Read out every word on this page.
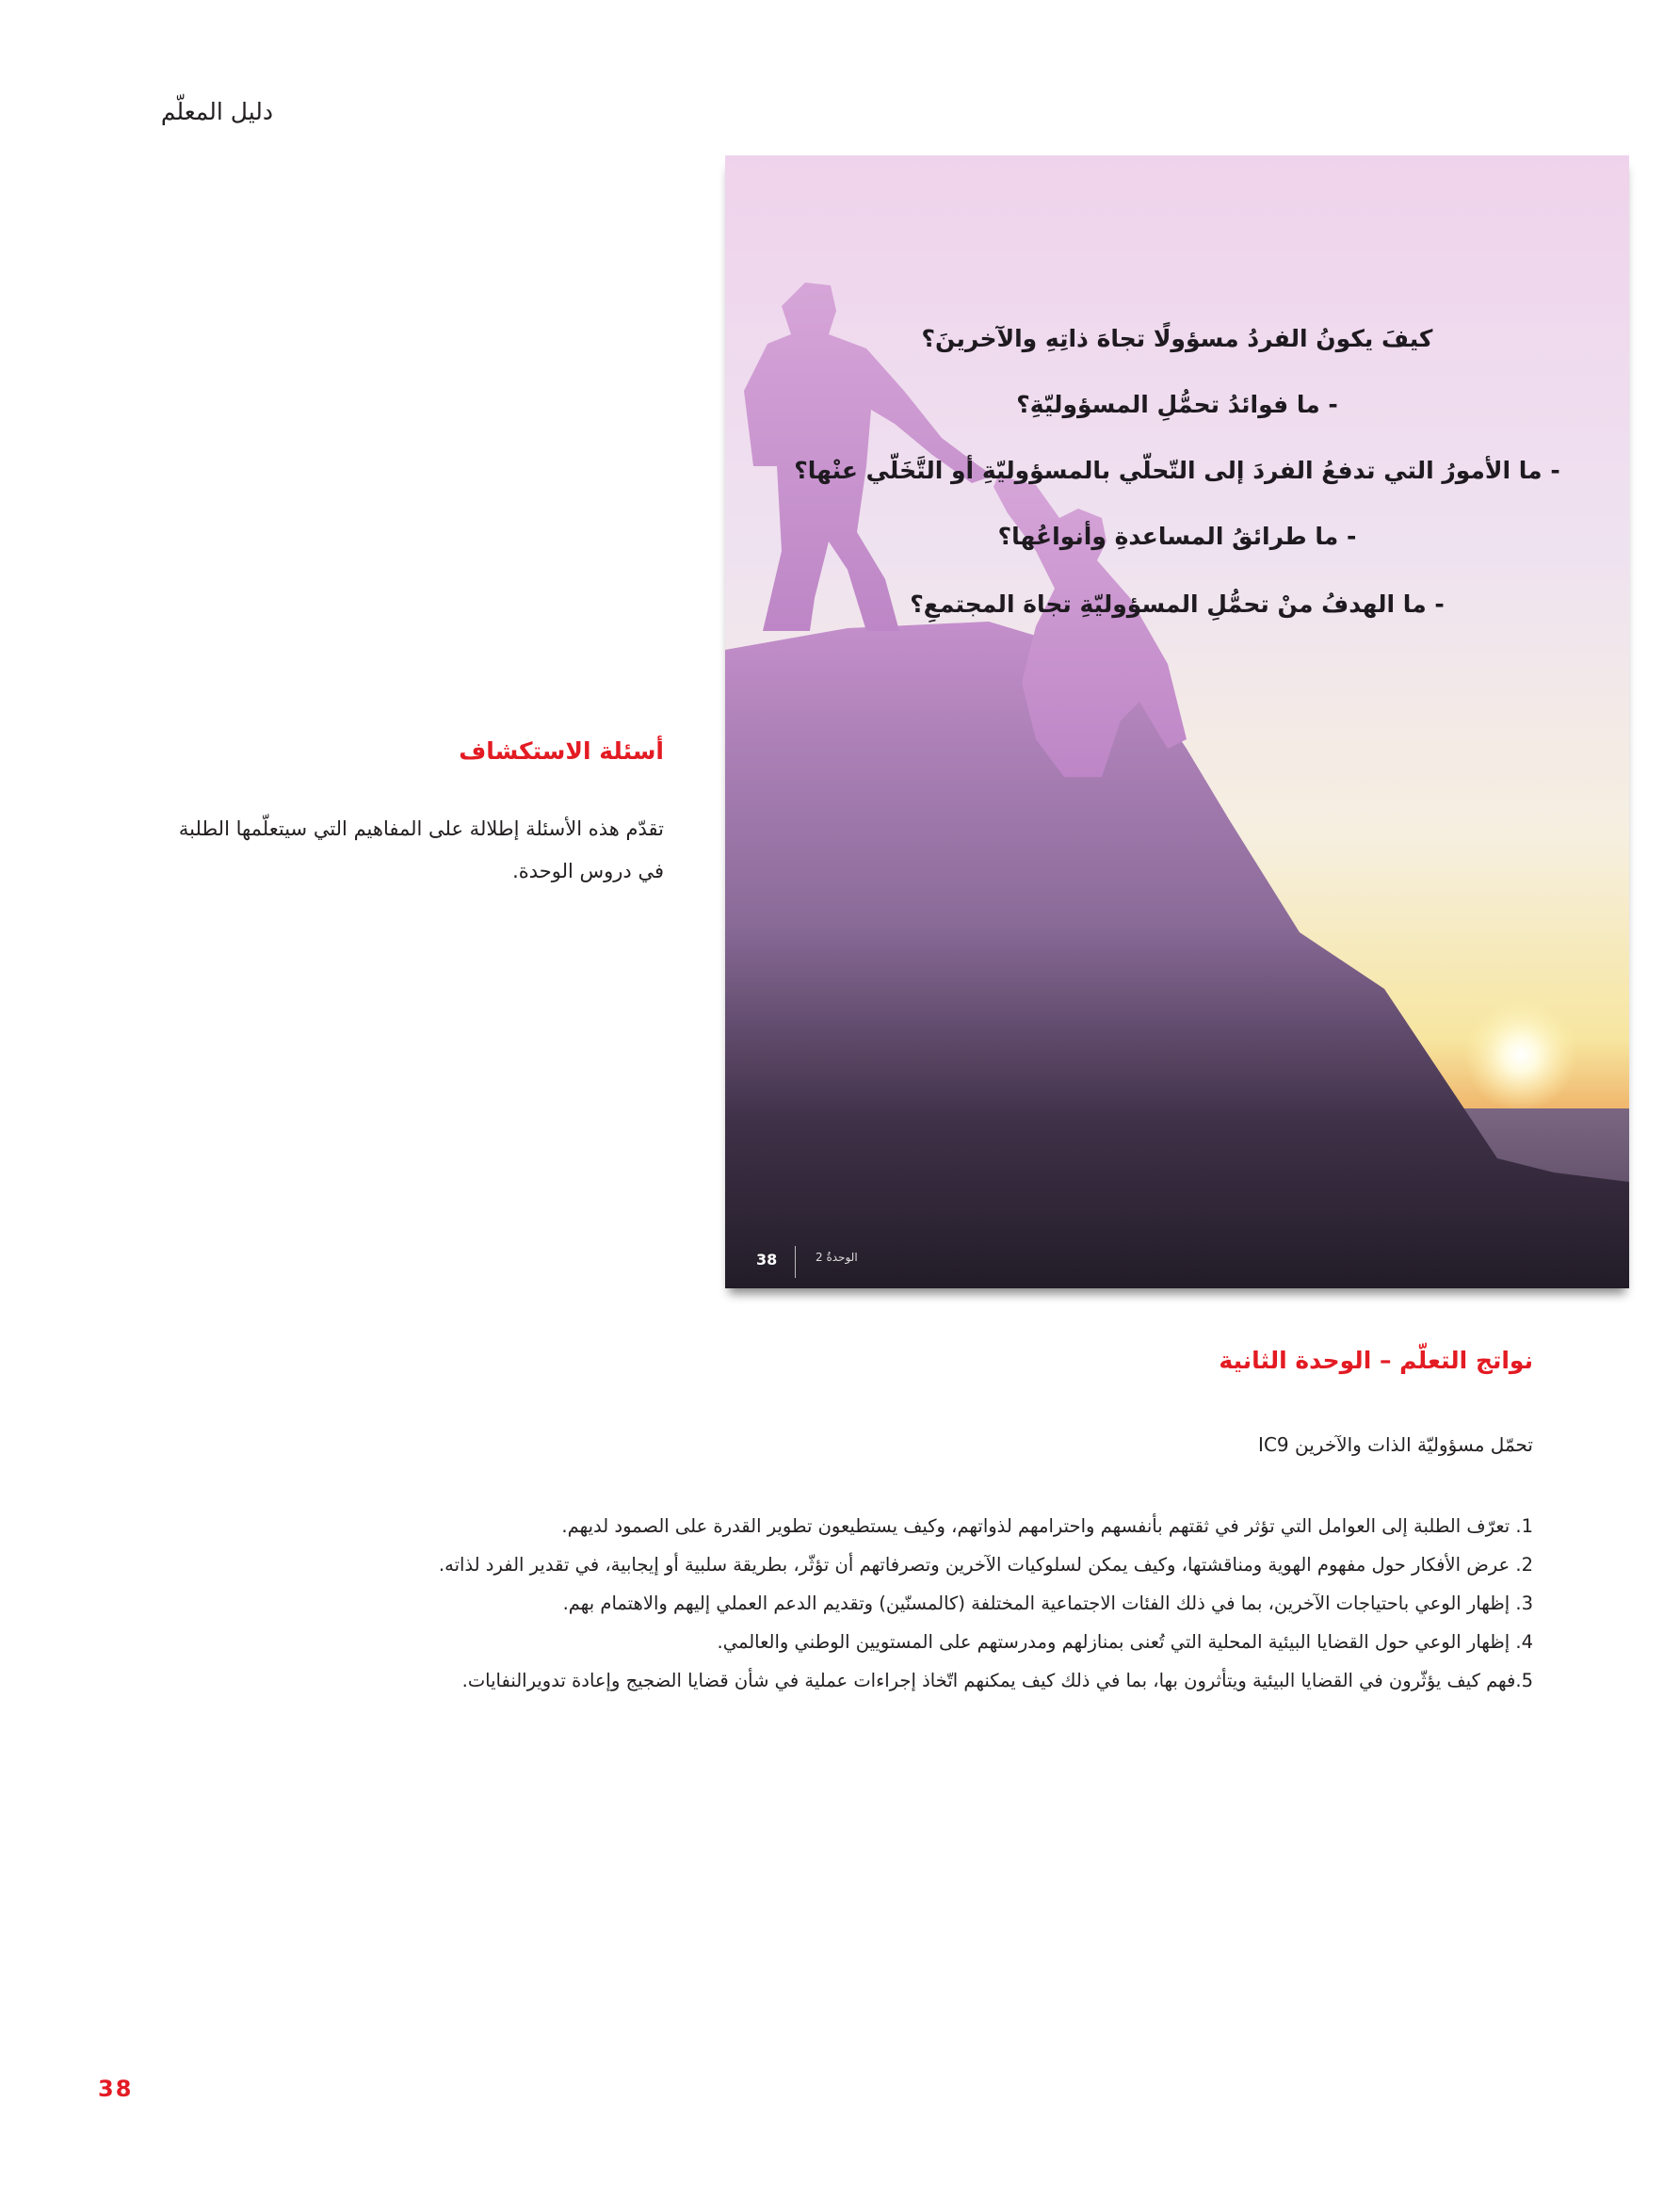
دليل المعلّم
كيفَ يكونُ الفردُ مسؤولًا تجاهَ ذاتِهِ والآخرينَ؟
- ما فوائدُ تحمُّلِ المسؤوليّةِ؟
- ما الأمورُ التي تدفعُ الفردَ إلى التّحلّي بالمسؤوليّةِ أو التَّخَلّي عنْها؟
- ما طرائقُ المساعدةِ وأنواعُها؟
- ما الهدفُ منْ تحمُّلِ المسؤوليّةِ تجاهَ المجتمعِ؟
38	الوحدةُ 2
أسئلة الاستكشاف
تقدّم هذه الأسئلة إطلالة على المفاهيم التي سيتعلّمها الطلبة في دروس الوحدة.
نواتج التعلّم – الوحدة الثانية
تحمّل مسؤوليّة الذات والآخرين IC9
1. تعرّف الطلبة إلى العوامل التي تؤثر في ثقتهم بأنفسهم واحترامهم لذواتهم، وكيف يستطيعون تطوير القدرة على الصمود لديهم.
2. عرض الأفكار حول مفهوم الهوية ومناقشتها، وكيف يمكن لسلوكيات الآخرين وتصرفاتهم أن تؤثّر، بطريقة سلبية أو إيجابية، في تقدير الفرد لذاته.
3. إظهار الوعي باحتياجات الآخرين، بما في ذلك الفئات الاجتماعية المختلفة (كالمسنّين) وتقديم الدعم العملي إليهم والاهتمام بهم.
4. إظهار الوعي حول القضايا البيئية المحلية التي تُعنى بمنازلهم ومدرستهم على المستويين الوطني والعالمي.
5.فهم كيف يؤثّرون في القضايا البيئية ويتأثرون بها، بما في ذلك كيف يمكنهم اتّخاذ إجراءات عملية في شأن قضايا الضجيج وإعادة تدويرالنفايات.
38
